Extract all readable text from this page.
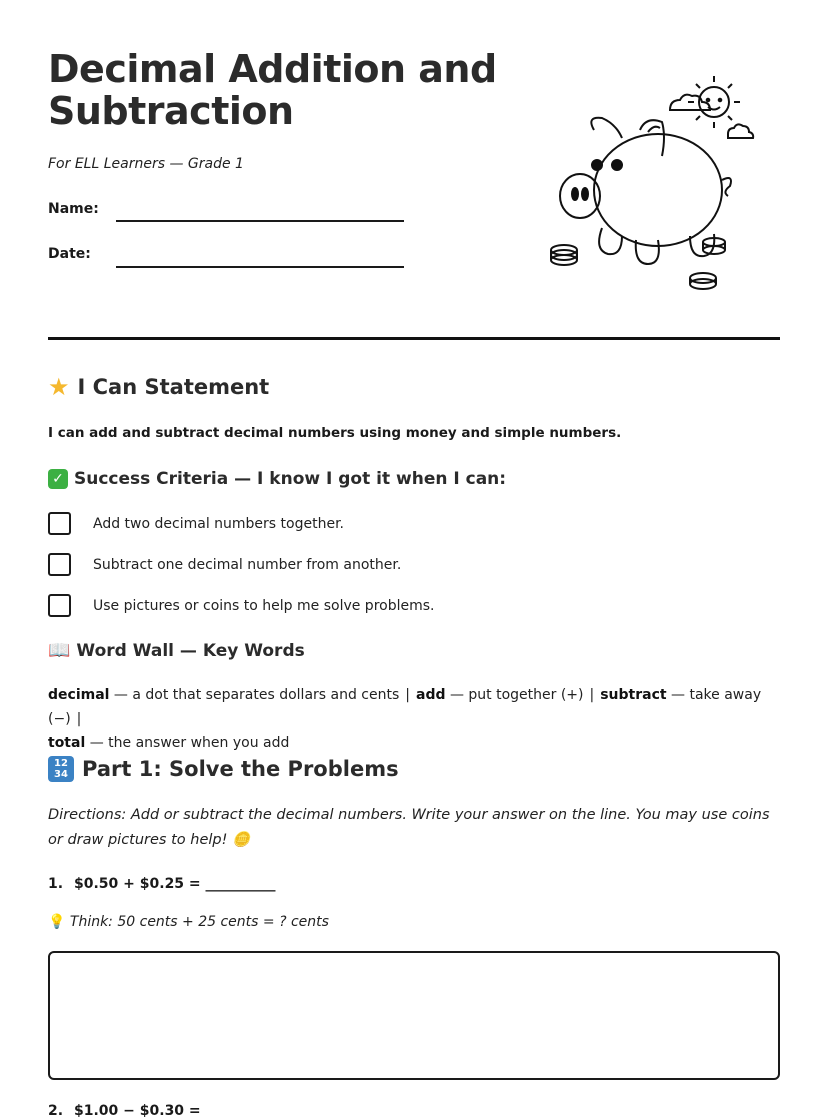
Decimal Addition and Subtraction
For ELL Learners — Grade 1
Name:
Date:
★ I Can Statement
I can add and subtract decimal numbers using money and simple numbers.
✓ Success Criteria — I know I got it when I can:
Add two decimal numbers together.
Subtract one decimal number from another.
Use pictures or coins to help me solve problems.
📖 Word Wall — Key Words
decimal — a dot that separates dollars and cents | add — put together (+) | subtract — take away (−) |
total — the answer when you add
12
34 Part 1: Solve the Problems
Directions: Add or subtract the decimal numbers. Write your answer on the line. You may use coins or draw pictures to help! 🪙
1. $0.50 + $0.25 = __________
💡 Think: 50 cents + 25 cents = ? cents
2. $1.00 − $0.30 =
